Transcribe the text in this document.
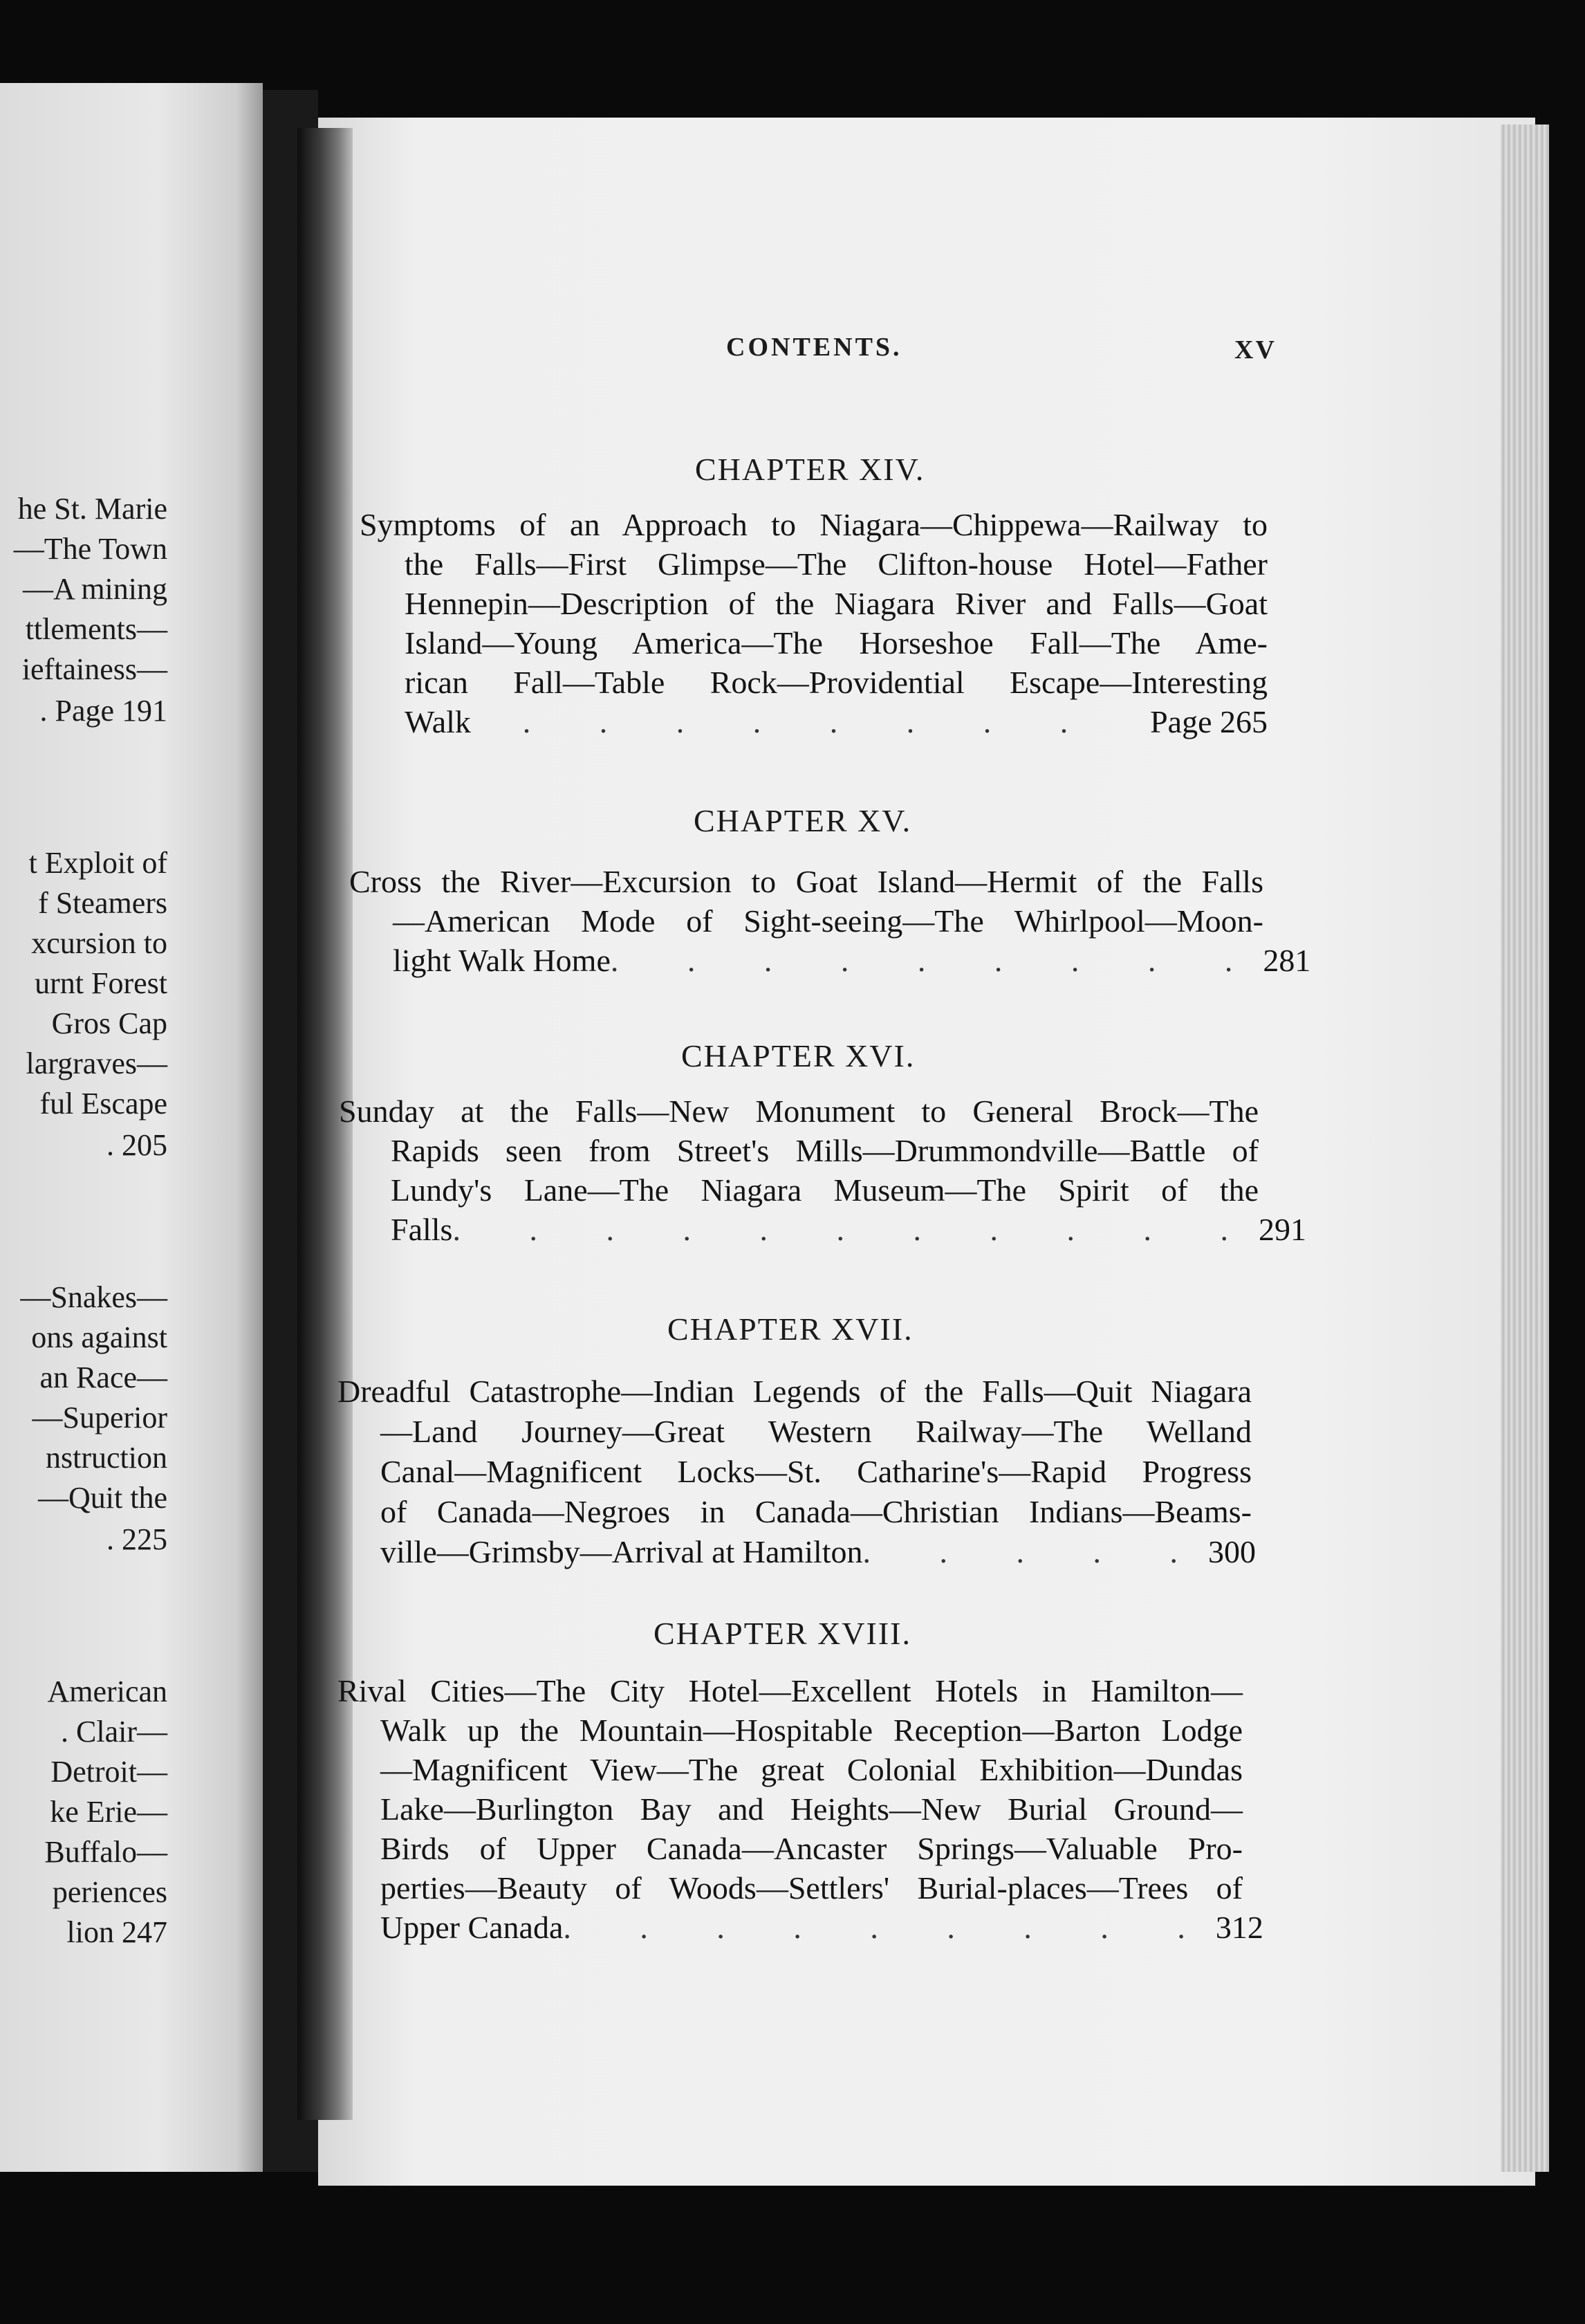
he St. Marie
—The Town
—A mining
ttlements—
ieftainess—
. Page 191
t Exploit of
f Steamers
xcursion to
urnt Forest
Gros Cap
largraves—
ful Escape
. 205
—Snakes—
ons against
an Race—
—Superior
nstruction
—Quit the
. 225
American
. Clair—
Detroit—
ke Erie—
Buffalo—
periences
lion 247
CONTENTS.	XV
CHAPTER XIV.
Symptoms of an Approach to Niagara—Chippewa—Railway to
the Falls—First Glimpse—The Clifton-house Hotel—Father
Hennepin—Description of the Niagara River and Falls—Goat
Island—Young America—The Horseshoe Fall—The Ame-
rican Fall—Table Rock—Providential Escape—Interesting
Walk	. . . . . . . .	Page 265
CHAPTER XV.
Cross the River—Excursion to Goat Island—Hermit of the Falls
—American Mode of Sight-seeing—The Whirlpool—Moon-
light Walk Home . . . . . . . . . 281
CHAPTER XVI.
Sunday at the Falls—New Monument to General Brock—The
Rapids seen from Street's Mills—Drummondville—Battle of
Lundy's Lane—The Niagara Museum—The Spirit of the
Falls . . . . . . . . . . . 291
CHAPTER XVII.
Dreadful Catastrophe—Indian Legends of the Falls—Quit Niagara
—Land Journey—Great Western Railway—The Welland
Canal—Magnificent Locks—St. Catharine's—Rapid Progress
of Canada—Negroes in Canada—Christian Indians—Beams-
ville—Grimsby—Arrival at Hamilton . . . . . 300
CHAPTER XVIII.
Rival Cities—The City Hotel—Excellent Hotels in Hamilton—
Walk up the Mountain—Hospitable Reception—Barton Lodge
—Magnificent View—The great Colonial Exhibition—Dundas
Lake—Burlington Bay and Heights—New Burial Ground—
Birds of Upper Canada—Ancaster Springs—Valuable Pro-
perties—Beauty of Woods—Settlers' Burial-places—Trees of
Upper Canada . . . . . . . . . 312
